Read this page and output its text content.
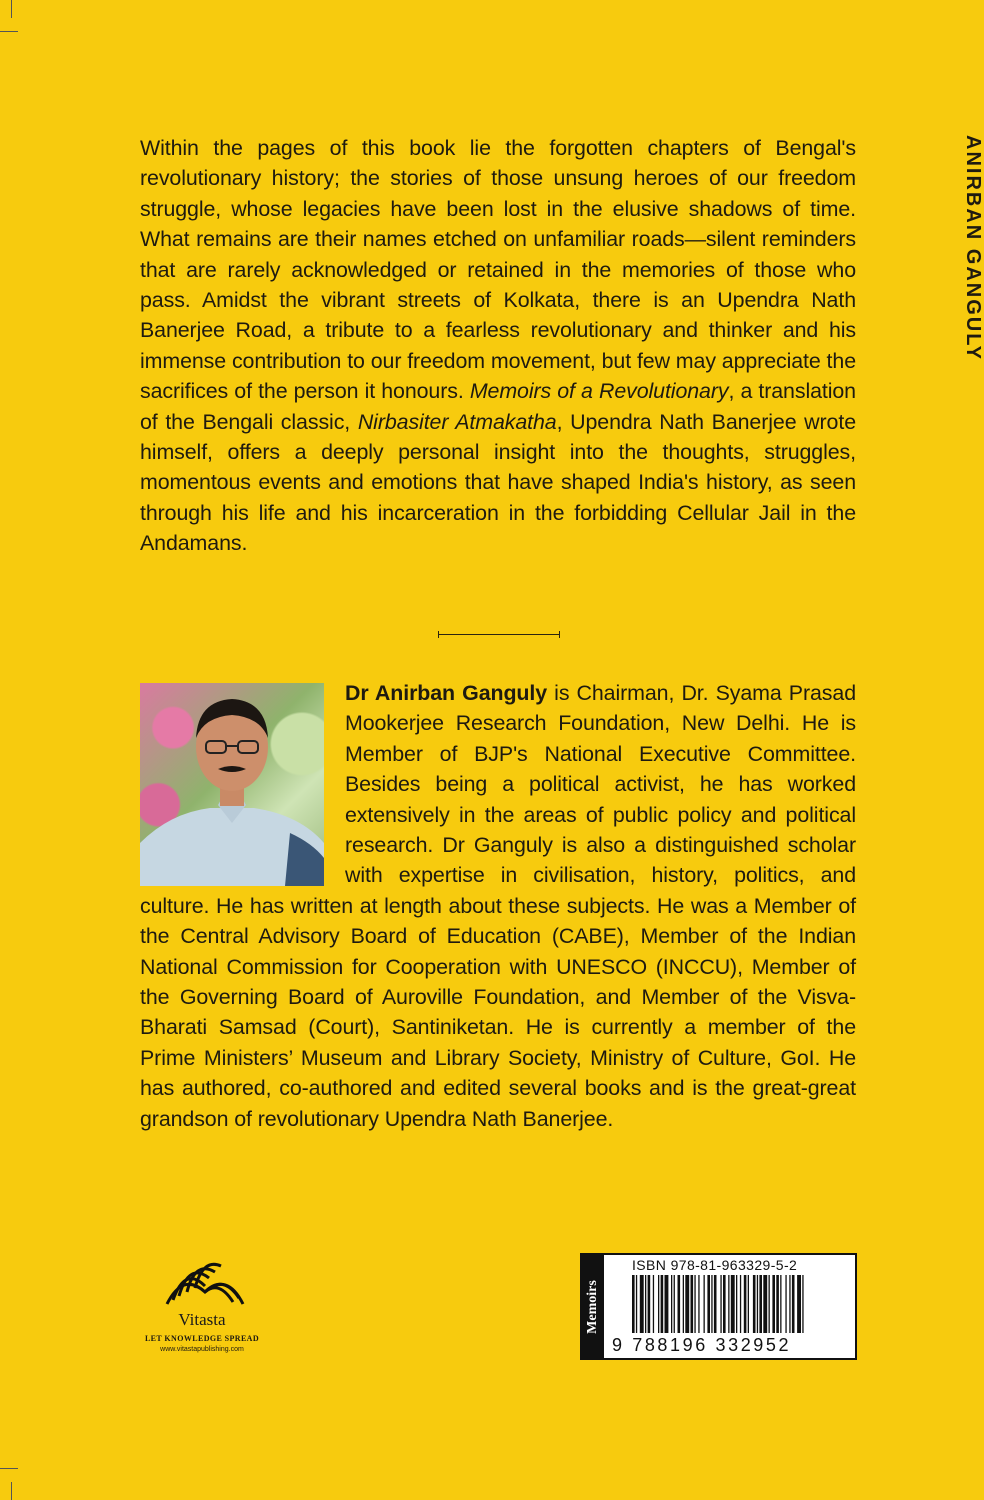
ANIRBAN GANGULY
Within the pages of this book lie the forgotten chapters of Bengal's revolutionary history; the stories of those unsung heroes of our freedom struggle, whose legacies have been lost in the elusive shadows of time. What remains are their names etched on unfamiliar roads—silent reminders that are rarely acknowledged or retained in the memories of those who pass. Amidst the vibrant streets of Kolkata, there is an Upendra Nath Banerjee Road, a tribute to a fearless revolutionary and thinker and his immense contribution to our freedom movement, but few may appreciate the sacrifices of the person it honours. Memoirs of a Revolutionary, a translation of the Bengali classic, Nirbasiter Atmakatha, Upendra Nath Banerjee wrote himself, offers a deeply personal insight into the thoughts, struggles, momentous events and emotions that have shaped India's history, as seen through his life and his incarceration in the forbidding Cellular Jail in the Andamans.
Dr Anirban Ganguly is Chairman, Dr. Syama Prasad Mookerjee Research Foundation, New Delhi. He is Member of BJP's National Executive Committee. Besides being a political activist, he has worked extensively in the areas of public policy and political research. Dr Ganguly is also a distinguished scholar with expertise in civilisation, history, politics, and culture. He has written at length about these subjects. He was a Member of the Central Advisory Board of Education (CABE), Member of the Indian National Commission for Cooperation with UNESCO (INCCU), Member of the Governing Board of Auroville Foundation, and Member of the Visva-Bharati Samsad (Court), Santiniketan. He is currently a member of the Prime Ministers’ Museum and Library Society, Ministry of Culture, GoI. He has authored, co-authored and edited several books and is the great-great grandson of revolutionary Upendra Nath Banerjee.
Vitasta
LET KNOWLEDGE SPREAD
www.vitastapublishing.com
Memoirs
ISBN 978-81-963329-5-2
9 788196 332952
